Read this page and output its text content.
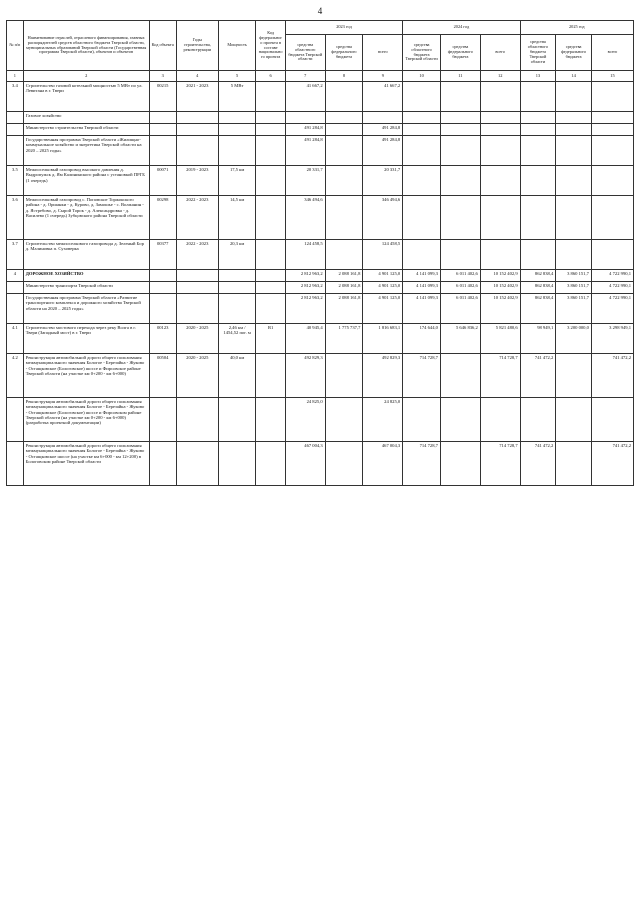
4
№ п/п	Наименование отраслей, отраслевого финансирования, главных распорядителей средств областного бюджета Тверской области, муниципальных образований Тверской области (Государственная программа Тверской области), объектов и объектов	Код объекта	Годы строительства, реконструкции	Мощность	Код федерального проекта в составе национального проекта	2023 год			2024 год			2025 год		
						средства областного бюджета Тверской области	средства федерального бюджета	всего	средства областного бюджета Тверской области	средства федерального бюджета	всего	средства областного бюджета Тверской области	средства федерального бюджета	всего
1	2	3	4	5	6	7	8	9	10	11	12	13	14	15
3.4	Строительство газовой котельной мощностью 5 МВт по ул. Левитана в г. Твери	00215	2021 - 2023	5 МВт		41 667,2		41 667,2						
	Газовое хозяйство													
	Министерство строительства Тверской области					491 284,8		491 284,8						
	Государственная программа Тверской области «Жилищно-коммунальное хозяйство и энергетика Тверской области на 2020 – 2025 годы»					491 284,8		491 284,8						
3.5	Межпоселковый газопровод высокого давления д. Выдропужск д. Ям Калининского района с установкой ПРГБ (1 очередь)	00071	2019 - 2023	17,5 км		20 331,7		20 331,7						
3.6	Межпоселковый газопровод с. Поповское Торжокского района - д. Оршанки - д. Курово, д. Замошье - с. Волжанин - д. Ястребово, д. Сырой Торок - д. Александровка - д. Василево (1 очередь) Зубцовского района Тверской области	00298	2022 - 2023	14,5 км		346 494,6		346 494,6						
3.7	Строительство межпоселкового газопровода д. Зеленый Бор д. Малиновка п. Суховерка	00377	2022 - 2023	20,3 км		124 458,5		124 458,5						
4	ДОРОЖНОЕ ХОЗЯЙСТВО					2 812 963,2	2 088 161,8	4 901 125,0	4 141 099,3	6 011 402,6	10 152 402,9	862 838,4	3 860 151,7	4 722 990,1
	Министерство транспорта Тверской области					2 812 963,2	2 088 161,8	4 901 125,0	4 141 099,3	6 011 402,6	10 152 402,9	862 838,4	3 860 151,7	4 722 990,1
	Государственная программа Тверской области «Развитие транспортного комплекса и дорожного хозяйства Тверской области на 2020 – 2025 годы»					2 812 963,2	2 088 161,8	4 901 125,0	4 141 099,3	6 011 402,6	10 152 402,9	862 838,4	3 860 151,7	4 722 990,1
4.1	Строительство мостового перехода через реку Волга в г. Твери (Западный мост) в г. Твери	00123	2020 - 2025	2,46 км / 1454,52 пог. м	R1	40 945,4	1 775 737,7	1 816 683,1	174 644,0	5 646 836,2	5 821 480,6	98 949,1	3 200 000,0	3 298 949,1
4.2	Реконструкция автомобильной дороги общего пользования межмуниципального значения Бологое - Березайка - Жуково - Остащковское (Бологовское) шоссе и Фирсовское районе Тверской области (на участке км 0+200 - км 6+000)	00504	2020 - 2025	40,0 км		492 829,3		492 829,3	714 728,7		714 728,7	741 472,2		741 472,2
	Реконструкция автомобильной дороги общего пользования межмуниципального значения Бологое - Березайка - Жуково - Остащковское (Бологовское) шоссе и Фирсовском районе Тверской области (на участке км 0+200 - км 6+000) (разработка проектной документации)					24 825,0		24 825,0						
	Реконструкция автомобильной дороги общего пользования межмуниципального значения Бологое - Березайка - Жуково - Остащковское шоссе (на участке км 6+000 - км 12+200) в Бологовском районе Тверской области					467 004,3		467 004,3	714 728,7		714 728,7	741 472,2		741 472,2
